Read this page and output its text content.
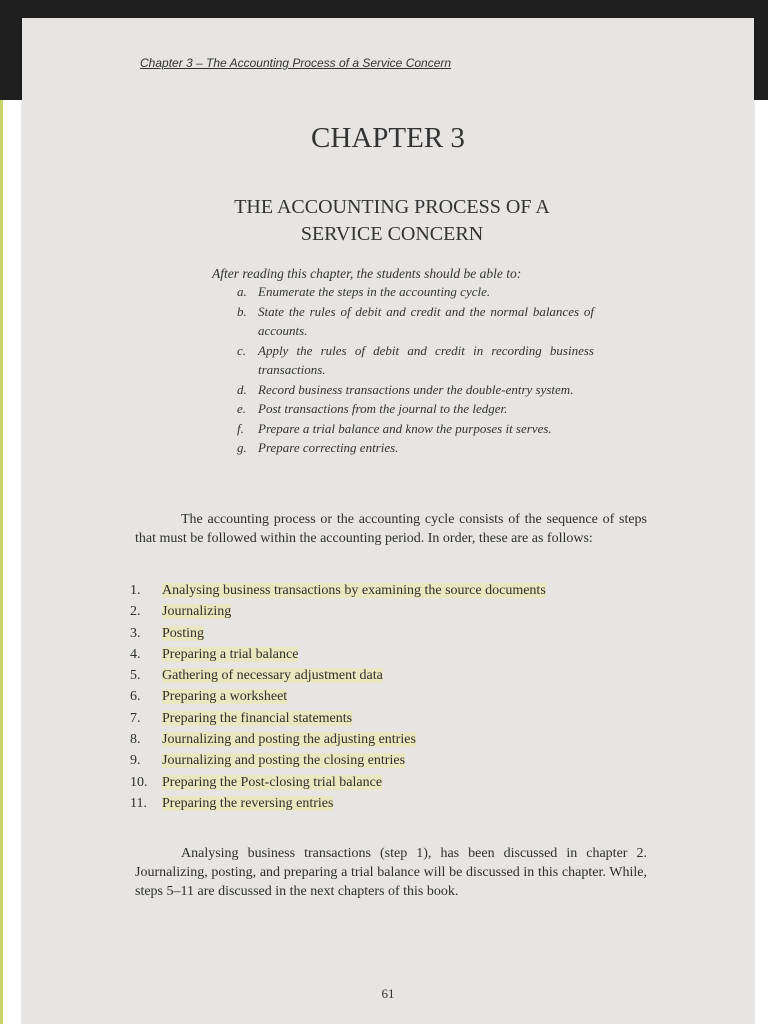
Chapter 3 – The Accounting Process of a Service Concern
CHAPTER 3
THE ACCOUNTING PROCESS OF A SERVICE CONCERN
After reading this chapter, the students should be able to:
a. Enumerate the steps in the accounting cycle.
b. State the rules of debit and credit and the normal balances of accounts.
c. Apply the rules of debit and credit in recording business transactions.
d. Record business transactions under the double-entry system.
e. Post transactions from the journal to the ledger.
f. Prepare a trial balance and know the purposes it serves.
g. Prepare correcting entries.

The accounting process or the accounting cycle consists of the sequence of steps that must be followed within the accounting period. In order, these are as follows:

1. Analysing business transactions by examining the source documents
2. Journalizing
3. Posting
4. Preparing a trial balance
5. Gathering of necessary adjustment data
6. Preparing a worksheet
7. Preparing the financial statements
8. Journalizing and posting the adjusting entries
9. Journalizing and posting the closing entries
10. Preparing the Post-closing trial balance
11. Preparing the reversing entries

Analysing business transactions (step 1), has been discussed in chapter 2. Journalizing, posting, and preparing a trial balance will be discussed in this chapter. While, steps 5–11 are discussed in the next chapters of this book.

61
